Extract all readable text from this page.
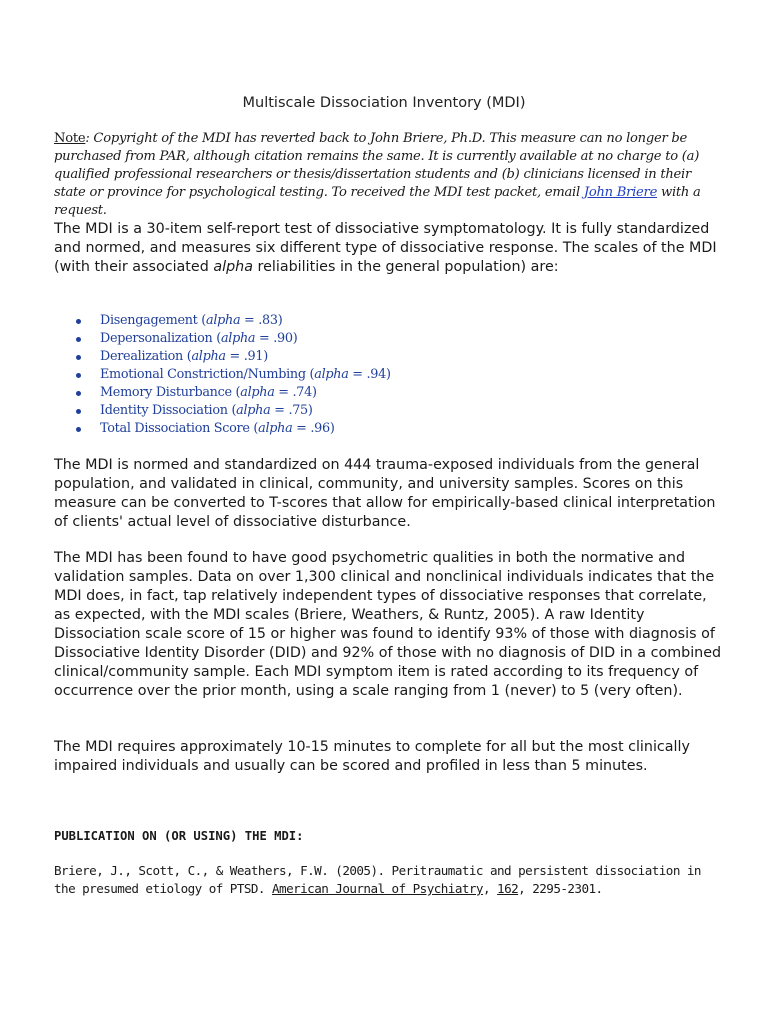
Multiscale Dissociation Inventory (MDI)
Note: Copyright of the MDI has reverted back to John Briere, Ph.D. This measure can no longer be purchased from PAR, although citation remains the same. It is currently available at no charge to (a) qualified professional researchers or thesis/dissertation students and (b) clinicians licensed in their state or province for psychological testing. To received the MDI test packet, email John Briere with a request.

The MDI is a 30-item self-report test of dissociative symptomatology. It is fully standardized and normed, and measures six different type of dissociative response. The scales of the MDI (with their associated alpha reliabilities in the general population) are:

Disengagement (alpha = .83)
Depersonalization (alpha = .90)
Derealization (alpha = .91)
Emotional Constriction/Numbing (alpha = .94)
Memory Disturbance (alpha = .74)
Identity Dissociation (alpha = .75)
Total Dissociation Score (alpha = .96)

The MDI is normed and standardized on 444 trauma-exposed individuals from the general population, and validated in clinical, community, and university samples. Scores on this measure can be converted to T-scores that allow for empirically-based clinical interpretation of clients' actual level of dissociative disturbance.

The MDI has been found to have good psychometric qualities in both the normative and validation samples. Data on over 1,300 clinical and nonclinical individuals indicates that the MDI does, in fact, tap relatively independent types of dissociative responses that correlate, as expected, with the MDI scales (Briere, Weathers, & Runtz, 2005). A raw Identity Dissociation scale score of 15 or higher was found to identify 93% of those with diagnosis of Dissociative Identity Disorder (DID) and 92% of those with no diagnosis of DID in a combined clinical/community sample. Each MDI symptom item is rated according to its frequency of occurrence over the prior month, using a scale ranging from 1 (never) to 5 (very often).

The MDI requires approximately 10-15 minutes to complete for all but the most clinically impaired individuals and usually can be scored and profiled in less than 5 minutes.

PUBLICATION ON (OR USING) THE MDI:
Briere, J., Scott, C., & Weathers, F.W. (2005). Peritraumatic and persistent dissociation in the presumed etiology of PTSD. American Journal of Psychiatry, 162, 2295-2301.
